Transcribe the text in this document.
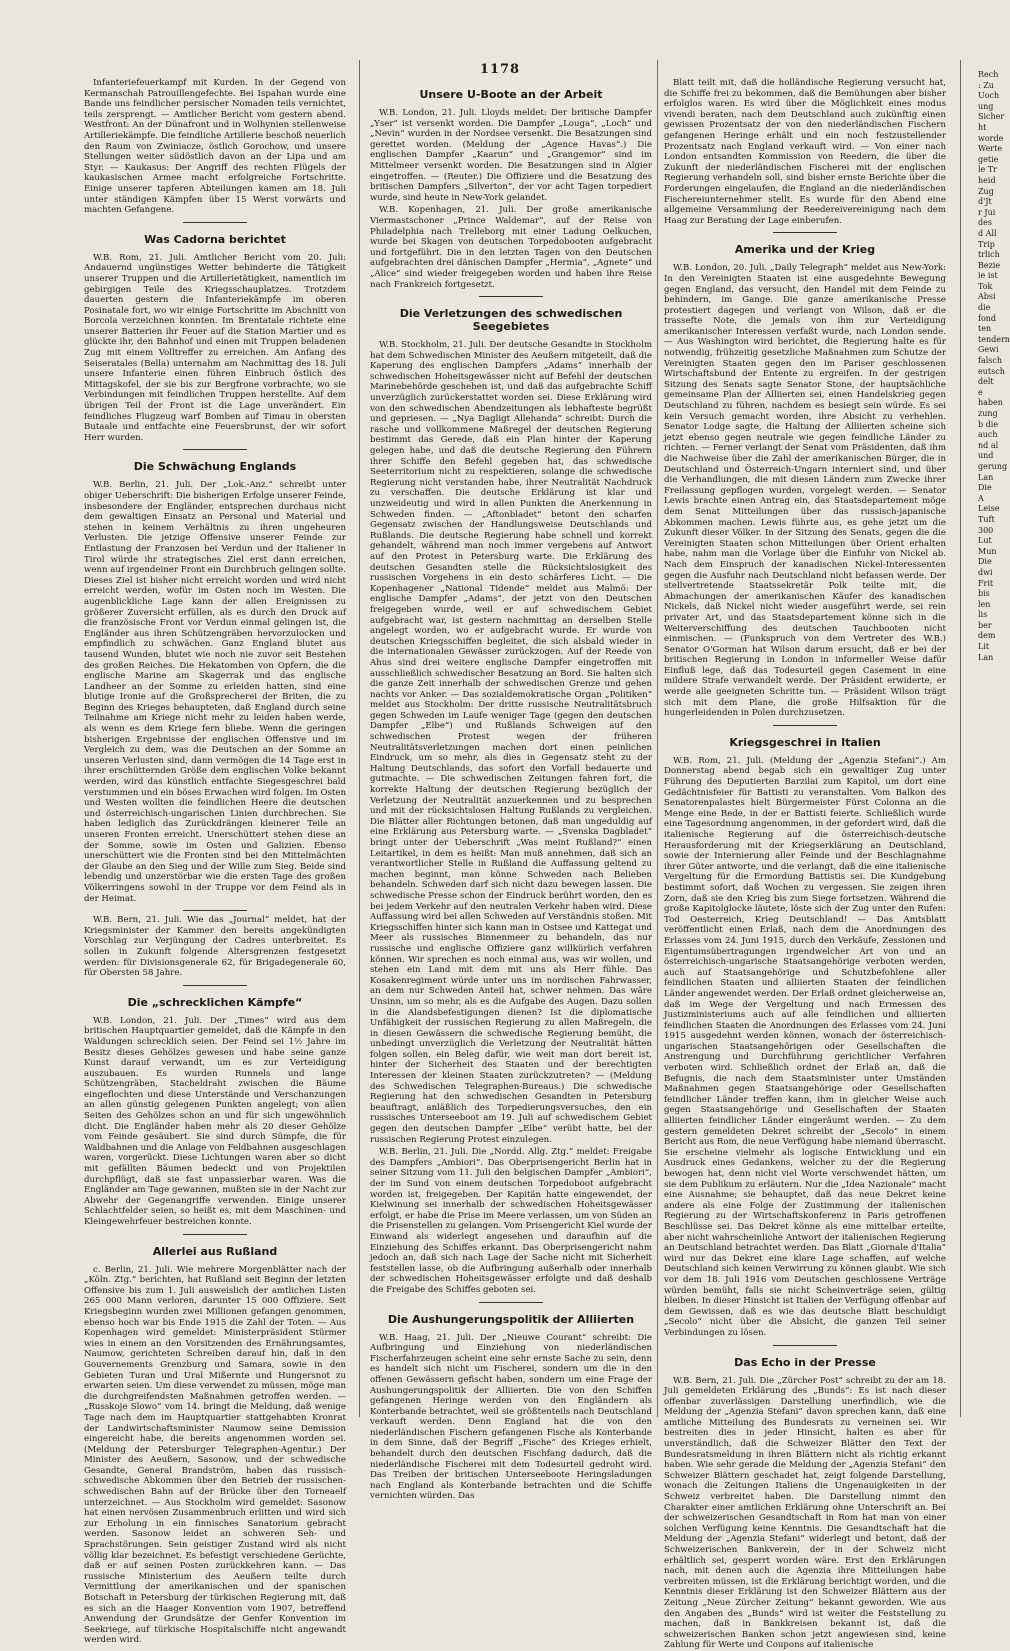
1178

Infanteriefeuerkampf mit Kurden. In der Gegend von Kermanschah Patrouillengefechte. Bei Ispahan wurde eine Bande uns feindlicher persischer Nomaden teils vernichtet, teils zersprengt. — Amtlicher Bericht vom gestern abend. Westfront: An der Dünafront und in Wolhynien stellenweise Artilleriekämpfe. Die feindliche Artillerie beschoß neuerlich den Raum von Zwiniacze, östlich Gorochow, und unsere Stellungen weiter südöstlich davon an der Lipa und am Styr. — Kaukasus: Der Angriff des rechten Flügels der kaukasischen Armee macht erfolgreiche Fortschritte. Einige unserer tapferen Abteilungen kamen am 18. Juli unter ständigen Kämpfen über 15 Werst vorwärts und machten Gefangene.

Was Cadorna berichtet

W.B. Rom, 21. Juli. Amtlicher Bericht vom 20. Juli: Andauernd ungünstiges Wetter behinderte die Tätigkeit unserer Truppen und die Artillerietätigkeit, namentlich im gebirgigen Teile des Kriegsschauplatzes. Trotzdem dauerten gestern die Infanteriekämpfe im oberen Posinatale fort, wo wir einige Fortschritte im Abschnitt von Borcola verzeichnen konnten. Im Brentatale richtete eine unserer Batterien ihr Feuer auf die Station Martier und es glückte ihr, den Bahnhof und einen mit Truppen beladenen Zug mit einem Volltreffer zu erreichen. Am Anfang des Seiseratales (Bella) unternahm am Nachmittag des 18. Juli unsere Infanterie einen führen Einbruch östlich des Mittagskofel, der sie bis zur Bergfrone vorbrachte, wo sie Verbindungen mit feindlichen Truppen herstellte. Auf dem übrigen Teil der Front ist die Lage unverändert. Ein feindliches Flugzeug warf Bomben auf Timau in obersten Butaale und entfachte eine Feuersbrunst, der wir sofort Herr wurden.

Die Schwächung Englands

W.B. Berlin, 21. Juli. Der „Lok.-Anz.“ schreibt unter obiger Ueberschrift: Die bisherigen Erfolge unserer Feinde, insbesondere der Engländer, entsprechen durchaus nicht dem gewaltigen Einsatz an Personal und Material und stehen in keinem Verhältnis zu ihren ungeheuren Verlusten. Die jetzige Offensive unserer Feinde zur Entlastung der Franzosen bei Verdun und der Italiener in Tirol würde ihr strategisches Ziel erst dann erreichen, wenn auf irgendeiner Front ein Durchbruch gelingen sollte. Dieses Ziel ist bisher nicht erreicht worden und wird nicht erreicht werden, wofür im Osten noch im Westen. Die augenblickliche Lage kann der allen Ereignissen zu größerer Zuversicht erfüllen, als es durch den Druck auf die französische Front vor Verdun einmal gelingen ist, die Engländer aus ihren Schützengräben hervorzulocken und empfindlich zu schwächen. Ganz England blutet aus tausend Wunden, blutet wie noch nie zuvor seit Bestehen des großen Reiches. Die Hekatomben von Opfern, die die englische Marine am Skagerrak und das englische Landheer an der Somme zu erleiden hatten, sind eine blutige Ironie auf die Großsprecherei der Briten, die zu Beginn des Krieges behaupteten, daß England durch seine Teilnahme am Kriege nicht mehr zu leiden haben werde, als wenn es dem Kriege fern bliebe. Wenn die geringen bisherigen Ergebnisse der englischen Offensive und im Vergleich zu dem, was die Deutschen an der Somme an unseren Verlusten sind, dann vermögen die 14 Tage erst in ihrer erschütternden Größe dem englischen Volke bekannt werden, wird das künstlich entfachte Siegesgeschrei bald verstummen und ein böses Erwachen wird folgen. Im Osten und Westen wollten die feindlichen Heere die deutschen und österreichisch-ungarischen Linien durchbrechen. Sie haben lediglich das Zurückdrängen kleinerer Teile an unseren Fronten erreicht. Unerschüttert stehen diese an der Somme, sowie im Osten und Galizien. Ebenso unerschüttert wie die Fronten sind bei den Mittelmächten der Glaube an den Sieg und der Wille zum Sieg. Beide sind lebendig und unzerstörbar wie die ersten Tage des großen Völkerringens sowohl in der Truppe vor dem Feind als in der Heimat.

W.B. Bern, 21. Juli. Wie das „Journal“ meldet, hat der Kriegsminister der Kammer den bereits angekündigten Vorschlag zur Verjüngung der Cadres unterbreitet. Es sollen in Zukunft folgende Altersgrenzen festgesetzt werden: für Divisionsgenerale 62, für Brigadegenerale 60, für Obersten 58 Jahre.

Die „schrecklichen Kämpfe“

W.B. London, 21. Juli. Der „Times“ wird aus dem britischen Hauptquartier gemeldet, daß die Kämpfe in den Waldungen schrecklich seien. Der Feind sei 1½ Jahre im Besitz dieses Gehölzes gewesen und habe seine ganze Kunst darauf verwandt, um es zur Verteidigung auszubauen. Es wurden Runnels und lange Schützengräben, Stacheldraht zwischen die Bäume eingeflochten und diese Unterstände und Verschanzungen an allen günstig gelegenen Punkten angelegt; von allen Seiten des Gehölzes schon an und für sich ungewöhnlich dicht. Die Engländer haben mehr als 20 dieser Gehölze vom Feinde gesäubert. Sie sind durch Sümpfe, die für Waldbahnen und die Anlage von Feldbahnen ausgeschlagen waren, vorgerückt. Diese Lichtungen waren aber so dicht mit gefällten Bäumen bedeckt und von Projektilen durchpflügt, daß sie fast unpassierbar waren. Was die Engländer am Tage gewannen, mußten sie in der Nacht zur Abwehr der Gegenangriffe verwenden. Einige unserer Schlachtfelder seien, so heißt es, mit dem Maschinen- und Kleingewehrfeuer bestreichen konnte.

Allerlei aus Rußland

c. Berlin, 21. Juli. Wie mehrere Morgenblätter nach der „Köln. Ztg.“ berichten, hat Rußland seit Beginn der letzten Offensive bis zum 1. Juli ausweislich der amtlichen Listen 265 000 Mann verloren, darunter 15 000 Offiziere. Seit Kriegsbeginn wurden zwei Millionen gefangen genommen, ebenso hoch war bis Ende 1915 die Zahl der Toten. — Aus Kopenhagen wird gemeldet: Ministerpräsident Stürmer wies in einem an den Vorsitzenden des Ernährungsamtes, Naumow, gerichteten Schreiben darauf hin, daß in den Gouvernements Grenzburg und Samara, sowie in den Gebieten Turan und Ural Mißernte und Hungersnot zu erwarten seien. Um diese verwendet zu müssen, möge man die durchgreifendsten Maßnahmen getroffen werden. — „Russkoje Slowo“ vom 14. bringt die Meldung, daß wenige Tage nach dem im Hauptquartier stattgehabten Kronrat der Landwirtschaftsminister Naumow seine Demission eingereicht habe, die bereits angenommen worden sei. (Meldung der Petersburger Telegraphen-Agentur.) Der Minister des Aeußern, Sasonow, und der schwedische Gesandte, General Brandström, haben das russisch-schwedische Abkommen über den Betrieb der russischen-schwedischen Bahn auf der Brücke über den Torneaelf unterzeichnet. — Aus Stockholm wird gemeldet: Sasonow hat einen nervösen Zusammenbruch erlitten und wird sich zur Erholung in ein finnisches Sanatorium gebracht werden. Sasonow leidet an schweren Seh- und Sprachstörungen. Sein geistiger Zustand wird als nicht völlig klar bezeichnet. Es befestigt verschiedene Gerüchte, daß er auf seinen Posten zurückkehren kann. — Das russische Ministerium des Aeußern teilte durch Vermittlung der amerikanischen und der spanischen Botschaft in Petersburg der türkischen Regierung mit, daß es sich an die Haager Konvention vom 1907, betreffend Anwendung der Grundsätze der Genfer Konvention im Seekriege, auf türkische Hospitalschiffe nicht angewandt werden wird.

Unsere U-Boote an der Arbeit

W.B. London, 21. Juli. Lloyds meldet: Der britische Dampfer „Yser“ ist versenkt worden. Die Dampfer „Louga“, „Loch“ und „Nevin“ wurden in der Nordsee versenkt. Die Besatzungen sind gerettet worden. (Meldung der „Agence Havas“.) Die englischen Dampfer „Kaarun“ und „Grangemor“ sind im Mittelmeer versenkt worden. Die Besatzungen sind in Algier eingetroffen. — (Reuter.) Die Offiziere und die Besatzung des britischen Dampfers „Silverton“, der vor acht Tagen torpediert wurde, sind heute in New-York gelandet.

W.B. Kopenhagen, 21. Juli. Der große amerikanische Viermastschoner „Prince Waldemar“, auf der Reise von Philadelphia nach Trelleborg mit einer Ladung Oelkuchen, wurde bei Skagen von deutschen Torpedobooten aufgebracht und fortgeführt. Die in den letzten Tagen von den Deutschen aufgebrachten drei dänischen Dampfer „Hermia“, „Agnete“ und „Alice“ sind wieder freigegeben worden und haben ihre Reise nach Frankreich fortgesetzt.

Die Verletzungen des schwedischen Seegebietes

W.B. Stockholm, 21. Juli. Der deutsche Gesandte in Stockholm hat dem Schwedischen Minister des Aeußern mitgeteilt, daß die Kaperung des englischen Dampfers „Adams“ innerhalb der schwedischen Hoheitsgewässer nicht auf Befehl der deutschen Marinebehörde geschehen ist, und daß das aufgebrachte Schiff unverzüglich zurückerstattet worden sei. Diese Erklärung wird von den schwedischen Abendzeitungen als lebhafteste begrüßt und gepriesen. — „Nya Dagligt Allehanda“ schreibt: Durch die rasche und vollkommene Maßregel der deutschen Regierung bestimmt das Gerede, daß ein Plan hinter der Kaperung gelegen habe, und daß die deutsche Regierung den Führern ihrer Schiffe den Befehl gegeben hat, das schwedische Seeterritorium nicht zu respektieren, solange die schwedische Regierung nicht verstanden habe, ihrer Neutralität Nachdruck zu verschaffen. Die deutsche Erklärung ist klar und unzweideutig und wird in allen Punkten die Anerkennung in Schweden finden. — „Aftonbladet“ betont den scharfen Gegensatz zwischen der Handlungsweise Deutschlands und Rußlands. Die deutsche Regierung habe schnell und korrekt gehandelt, während man noch immer vergebens auf Antwort auf den Protest in Petersburg warte. Die Erklärung des deutschen Gesandten stelle die Rücksichtslosigkeit des russischen Vorgehens in ein desto schärferes Licht. — Die Kopenhagener „National Tidende“ meldet aus Malmö: Der englische Dampfer „Adams“, der jetzt von den Deutschen freigegeben wurde, weil er auf schwedischem Gebiet aufgebracht war, ist gestern nachmittag an derselben Stelle angelegt worden, wo er aufgebracht wurde. Er wurde von deutschen Kriegsschiffen begleitet, die sich alsbald wieder in die internationalen Gewässer zurückzogen. Auf der Reede von Ahus sind drei weitere englische Dampfer eingetroffen mit ausschließlich schwedischer Besatzung an Bord. Sie halten sich die ganze Zeit innerhalb der schwedischen Grenze und gehen nachts vor Anker. — Das sozialdemokratische Organ „Politiken“ meldet aus Stockholm: Der dritte russische Neutralitätsbruch gegen Schweden im Laufe weniger Tage (gegen den deutschen Dampfer „Elbe“) und Rußlands Schweigen auf den schwedischen Protest wegen der früheren Neutralitätsverletzungen machen dort einen peinlichen Eindruck, um so mehr, als dies in Gegensatz steht zu der Haltung Deutschlands, das sofort den Vorfall bedauerte und gutmachte. — Die schwedischen Zeitungen fahren fort, die korrekte Haltung der deutschen Regierung bezüglich der Verletzung der Neutralität anzuerkennen und zu besprechen und mit der rücksichtslosen Haltung Rußlands zu vergleichen. Die Blätter aller Richtungen betonen, daß man ungeduldig auf eine Erklärung aus Petersburg warte. — „Svenska Dagbladet“ bringt unter der Ueberschrift „Was meint Rußland?“ einen Leitartikel, in dem es heißt: Man muß annehmen, daß sich an verantwortlicher Stelle in Rußland die Auffassung geltend zu machen beginnt, man könne Schweden nach Belieben behandeln. Schweden darf sich nicht dazu bewegen lassen. Die schwedische Presse schon der Eindruck berührt worden, den es bei jedem Verkehr auf den neutralen Verkehr haben wird. Diese Auffassung wird bei allen Schweden auf Verständnis stoßen. Mit Kriegsschiffen hinter sich kann man in Ostsee und Kattegat und Meer als russisches Binnenmeer zu behandeln, das nur russische und englische Offiziere ganz willkürlich verfahren können. Wir sprechen es noch einmal aus, was wir wollen, und stehen ein Land mit dem mit uns als Herr fühle. Das Kosakenregiment würde unter uns im nordischen Fahrwasser, an dem nur Schweden Anteil hat, schwer nehmen. Das wäre Unsinn, um so mehr, als es die Aufgabe des Augen. Dazu sollen in die Alandsbefestigungen dienen? Ist die diplomatische Unfähigkeit der russischen Regierung zu allen Maßregeln, die in diesen Gewässern die schwedische Regierung bemüht, die unbedingt unverzüglich die Verletzung der Neutralität hätten folgen sollen, ein Beleg dafür, wie weit man dort bereit ist, hinter der Sicherheit des Staaten und der berechtigten Interessen der kleinen Staaten zurückzutreten? — (Meldung des Schwedischen Telegraphen-Bureaus.) Die schwedische Regierung hat den schwedischen Gesandten in Petersburg beauftragt, anläßlich des Torpedierungsversuches, den ein russisches Unterseeboot am 19. Juli auf schwedischem Gebiet gegen den deutschen Dampfer „Elbe“ verübt hatte, bei der russischen Regierung Protest einzulegen.

W.B. Berlin, 21. Juli. Die „Nordd. Allg. Ztg.“ meldet: Freigabe des Dampfers „Ambiori“. Das Oberprisengericht Berlin hat in seiner Sitzung vom 11. Juli den belgischen Dampfer „Ambiori“, der im Sund von einem deutschen Torpedoboot aufgebracht worden ist, freigegeben. Der Kapitän hatte eingewendet, der Kielwinung sei innerhalb der schwedischen Hoheitsgewässer erfolgt, er habe die Prise im Meere verlassen, um von Süden an die Prisenstellen zu gelangen. Vom Prisengericht Kiel wurde der Einwand als widerlegt angesehen und daraufhin auf die Einziehung des Schiffes erkannt. Das Oberprisengericht nahm jedoch an, daß sich nach Lage der Sache nicht mit Sicherheit feststellen lasse, ob die Aufbringung außerhalb oder innerhalb der schwedischen Hoheitsgewässer erfolgte und daß deshalb die Freigabe des Schiffes geboten sei.

Die Aushungerungspolitik der Alliierten

W.B. Haag, 21. Juli. Der „Nieuwe Courant“ schreibt: Die Aufbringung und Einziehung von niederländischen Fischerfahrzeugen scheint eine sehr ernste Sache zu sein, denn es handelt sich nicht um Fischerei, sondern um die in den offenen Gewässern gefischt haben, sondern um eine Frage der Aushungerungspolitik der Alliierten. Die von den Schiffen gefangenen Heringe werden von den Engländern als Konterbande betrachtet, weil sie größtenteils nach Deutschland verkauft werden. Denn England hat die von den niederländischen Fischern gefangenen Fische als Konterbande in dem Sinne, daß der Begriff „Fische“ des Krieges erhielt, behandelt durch den deutschen Fischfang dadurch, daß die niederländische Fischerei mit dem Todesurteil gedroht wird. Das Treiben der britischen Unterseeboote Heringsladungen nach England als Konterbande betrachten und die Schiffe vernichten würden. Das

Blatt teilt mit, daß die holländische Regierung versucht hat, die Schiffe frei zu bekommen, daß die Bemühungen aber bisher erfolglos waren. Es wird über die Möglichkeit eines modus vivendi beraten, nach dem Deutschland auch zukünftig einen gewissen Prozentsatz der von den niederländischen Fischern gefangenen Heringe erhält und ein noch festzustellender Prozentsatz nach England verkauft wird. — Von einer nach London entsandten Kommission von Reedern, die über die Zukunft der niederländischen Fischerei mit der englischen Regierung verhandeln soll, sind bisher ernste Berichte über die Forderungen eingelaufen, die England an die niederländischen Fischereiunternehmer stellt. Es wurde für den Abend eine allgemeine Versammlung der Reedereivereinigung nach dem Haag zur Beratung der Lage einberufen.

Amerika und der Krieg

W.B. London, 20. Juli. „Daily Telegraph“ meldet aus New-York: In den Vereinigten Staaten ist eine ausgedehnte Bewegung gegen England, das versucht, den Handel mit dem Feinde zu behindern, im Gange. Die ganze amerikanische Presse protestiert dagegen und verlangt von Wilson, daß er die trassefte Note, die jemals von ihm zur Verteidigung amerikanischer Interessen verfaßt wurde, nach London sende. — Aus Washington wird berichtet, die Regierung halte es für notwendig, frühzeitig gesetzliche Maßnahmen zum Schutze der Vereinigten Staaten gegen den im Pariser geschlossenen Wirtschaftsbund der Entente zu ergreifen. In der gestrigen Sitzung des Senats sagte Senator Stone, der hauptsächliche gemeinsame Plan der Alliierten sei, einen Handelskrieg gegen Deutschland zu führen, nachdem es besiegt sein würde. Es sei kein Versuch gemacht worden, ihre Absicht zu verhehlen. Senator Lodge sagte, die Haltung der Alliierten scheine sich jetzt ebenso gegen neutrale wie gegen feindliche Länder zu richten. — Ferner verlangt der Senat vom Präsidenten, daß ihm die Nachweise über die Zahl der amerikanischen Bürger, die in Deutschland und Österreich-Ungarn interniert sind, und über die Verhandlungen, die mit diesen Ländern zum Zwecke ihrer Freilassung gepflogen wurden, vorgelegt werden. — Senator Lewis brachte einen Antrag ein, das Staatsdepartement möge dem Senat Mitteilungen über das russisch-japanische Abkommen machen. Lewis führte aus, es gehe jetzt um die Zukunft dieser Völker. In der Sitzung des Senats, gegen die die Vereinigten Staaten schon Mitteilungen über Orient erhalten habe, nahm man die Vorlage über die Einfuhr von Nickel ab. Nach dem Einspruch der kanadischen Nickel-Interessenten gegen die Ausfuhr nach Deutschland nicht befassen werde. Der stellvertretende Staatssekretär Polk teilte mit, die Abmachungen der amerikanischen Käufer des kanadischen Nickels, daß Nickel nicht wieder ausgeführt werde, sei rein privater Art, und das Staatsdepartement könne sich in die Weiterverschiffung des deutschen Tauchbooten nicht einmischen. — (Funkspruch von dem Vertreter des W.B.) Senator O'Gorman hat Wilson darum ersucht, daß er bei der britischen Regierung in London in informeller Weise dafür Einfluß lege, daß das Todesurteil gegen Casement in eine mildere Strafe verwandelt werde. Der Präsident erwiderte, er werde alle geeigneten Schritte tun. — Präsident Wilson trägt sich mit dem Plane, die große Hilfsaktion für die hungerleidenden in Polen durchzusetzen.

Kriegsgeschrei in Italien

W.B. Rom, 21. Juli. (Meldung der „Agenzia Stefani“.) Am Donnerstag abend begab sich ein gewaltiger Zug unter Führung des Deputierten Barzilai zum Kapitol, um dort eine Gedächtnisfeier für Battisti zu veranstalten. Vom Balkon des Senatorenpalastes hielt Bürgermeister Fürst Colonna an die Menge eine Rede, in der er Battisti feierte. Schließlich wurde eine Tagesordnung angenommen, in der gefordert wird, daß die italienische Regierung auf die österreichisch-deutsche Herausforderung mit der Kriegserklärung an Deutschland, sowie der Internierung aller Feinde und der Beschlagnahme ihrer Güter antworte, und die verlangt, daß die eine italienische Vergeltung für die Ermordung Battistis sei. Die Kundgebung bestimmt sofort, daß Wochen zu vergessen. Sie zeigen ihren Zorn, daß sie den Krieg bis zum Siege fortsetzen. Während die große Kapitolglocke läutete, löste sich der Zug unter den Rufen: Tod Oesterreich, Krieg Deutschland! — Das Amtsblatt veröffentlicht einen Erlaß, nach dem die Anordnungen des Erlasses vom 24. Juni 1915, durch den Verkäufe, Zessionen und Eigentumsübertragungen irgendwelcher Art von und an österreichisch-ungarische Staatsangehörige verboten werden, auch auf Staatsangehörige und Schutzbefohlene aller feindlichen Staaten und alliierten Staaten der feindlichen Länder angewendet werden. Der Erlaß ordnet gleicherweise an, daß im Wege der Vergeltung und nach Ermessen des Justizministeriums auch auf alle feindlichen und alliierten feindlichen Staaten die Anordnungen des Erlasses vom 24. Juni 1915 ausgedehnt werden können, wonach der österreichisch-ungarischen Staatsangehörigen oder Gesellschaften die Anstrengung und Durchführung gerichtlicher Verfahren verboten wird. Schließlich ordnet der Erlaß an, daß die Befugnis, die nach dem Staatsminister unter Umständen Maßnahmen gegen Staatsangehörige oder Gesellschaften feindlicher Länder treffen kann, ihm in gleicher Weise auch gegen Staatsangehörige und Gesellschaften der Staaten alliierten feindlicher Länder eingeräumt werden. — Zu dem gestern gemeldeten Dekret schreibt der „Secolo“ in einem Bericht aus Rom, die neue Verfügung habe niemand überrascht. Sie erscheine vielmehr als logische Entwicklung und ein Ausdruck eines Gedankens, welcher zu der die Regierung bewogen hat, denn nicht viel Worte verschwendet hätten, um sie dem Publikum zu erläutern. Nur die „Idea Nazionale“ macht eine Ausnahme; sie behauptet, daß das neue Dekret keine andere als eine Folge der Zustimmung der italienischen Regierung zu der Wirtschaftskonferenz in Paris getroffenen Beschlüsse sei. Das Dekret könne als eine mittelbar erteilte, aber nicht wahrscheinliche Antwort der italienischen Regierung an Deutschland betrachtet werden. Das Blatt „Giornale d'Italia“ wird nur das Dekret eine klare Lage schaffen, auf welche Deutschland sich keinen Verwirrung zu können glaubt. Wie sich vor dem 18. Juli 1916 vom Deutschen geschlossene Verträge würden bemüht, falls sie nicht Scheinverträge seien, gültig bleiben. In dieser Hinsicht ist Italien der Verfügung offenbar auf dem Gewissen, daß es wie das deutsche Blatt beschuldigt „Secolo“ nicht über die Absicht, die ganzen Teil seiner Verbindungen zu lösen.

Das Echo in der Presse

W.B. Bern, 21. Juli. Die „Zürcher Post“ schreibt zu der am 18. Juli gemeldeten Erklärung des „Bunds“: Es ist nach dieser offenbar zuverlässigen Darstellung unerfindlich, wie die Meldung der „Agenzia Stefani“ davon sprechen kann, daß eine amtliche Mitteilung des Bundesrats zu verneinen sei. Wir bestreiten dies in jeder Hinsicht, halten es aber für unverständlich, daß die Schweizer Blätter den Text der Bundesratsmeldung in ihren Blättern nicht als richtig erkannt haben. Wie sehr gerade die Meldung der „Agenzia Stefani“ den Schweizer Blättern geschadet hat, zeigt folgende Darstellung, wonach die Zeitungen Italiens die Ungenauigkeiten in der Schweiz verbreitet haben. Die Darstellung nimmt den Charakter einer amtlichen Erklärung ohne Unterschrift an. Bei der schweizerischen Gesandtschaft in Rom hat man von einer solchen Verfügung keine Kenntnis. Die Gesandtschaft hat die Meldung der „Agenzia Stefani“ widerlegt und betont, daß der Schweizerischen Bankverein, der in der Schweiz nicht erhältlich sei, gesperrt worden wäre. Erst den Erklärungen nach, mit denen auch die Agenzia ihre Mitteilungen habe verbreiten müssen, ist die Erklärung berichtigt worden, und die Kenntnis dieser Erklärung ist den Schweizer Blättern aus der Zeitung „Neue Zürcher Zeitung“ bekannt geworden. Wie aus den Angaben des „Bunds“ wird ist weiter die Feststellung zu machen, daß in Bankkreisen bekannt ist, daß die schweizerischen Banken schon jetzt angewiesen sind, keine Zahlung für Werte und Coupons auf italienische

Rech
: Zu
Uoch
ung
Sicher
ht
worde
Werte
getie
le Tr
heid
Zug
d'Jt
r Jui
des
d All
Trip
trlich
Bezie
ie ist
Tok
Absi
die
fond
ten
tendern
Gewi
falsch
eutsch
delt
e
haben
zung
b die
auch
nd al
und
gerung
Lan
Die
A
Leise
Tuft
300
Lut
Mun
Die
dwi
Frit
bis
len
lis
ber
dem
Lit
Lan
